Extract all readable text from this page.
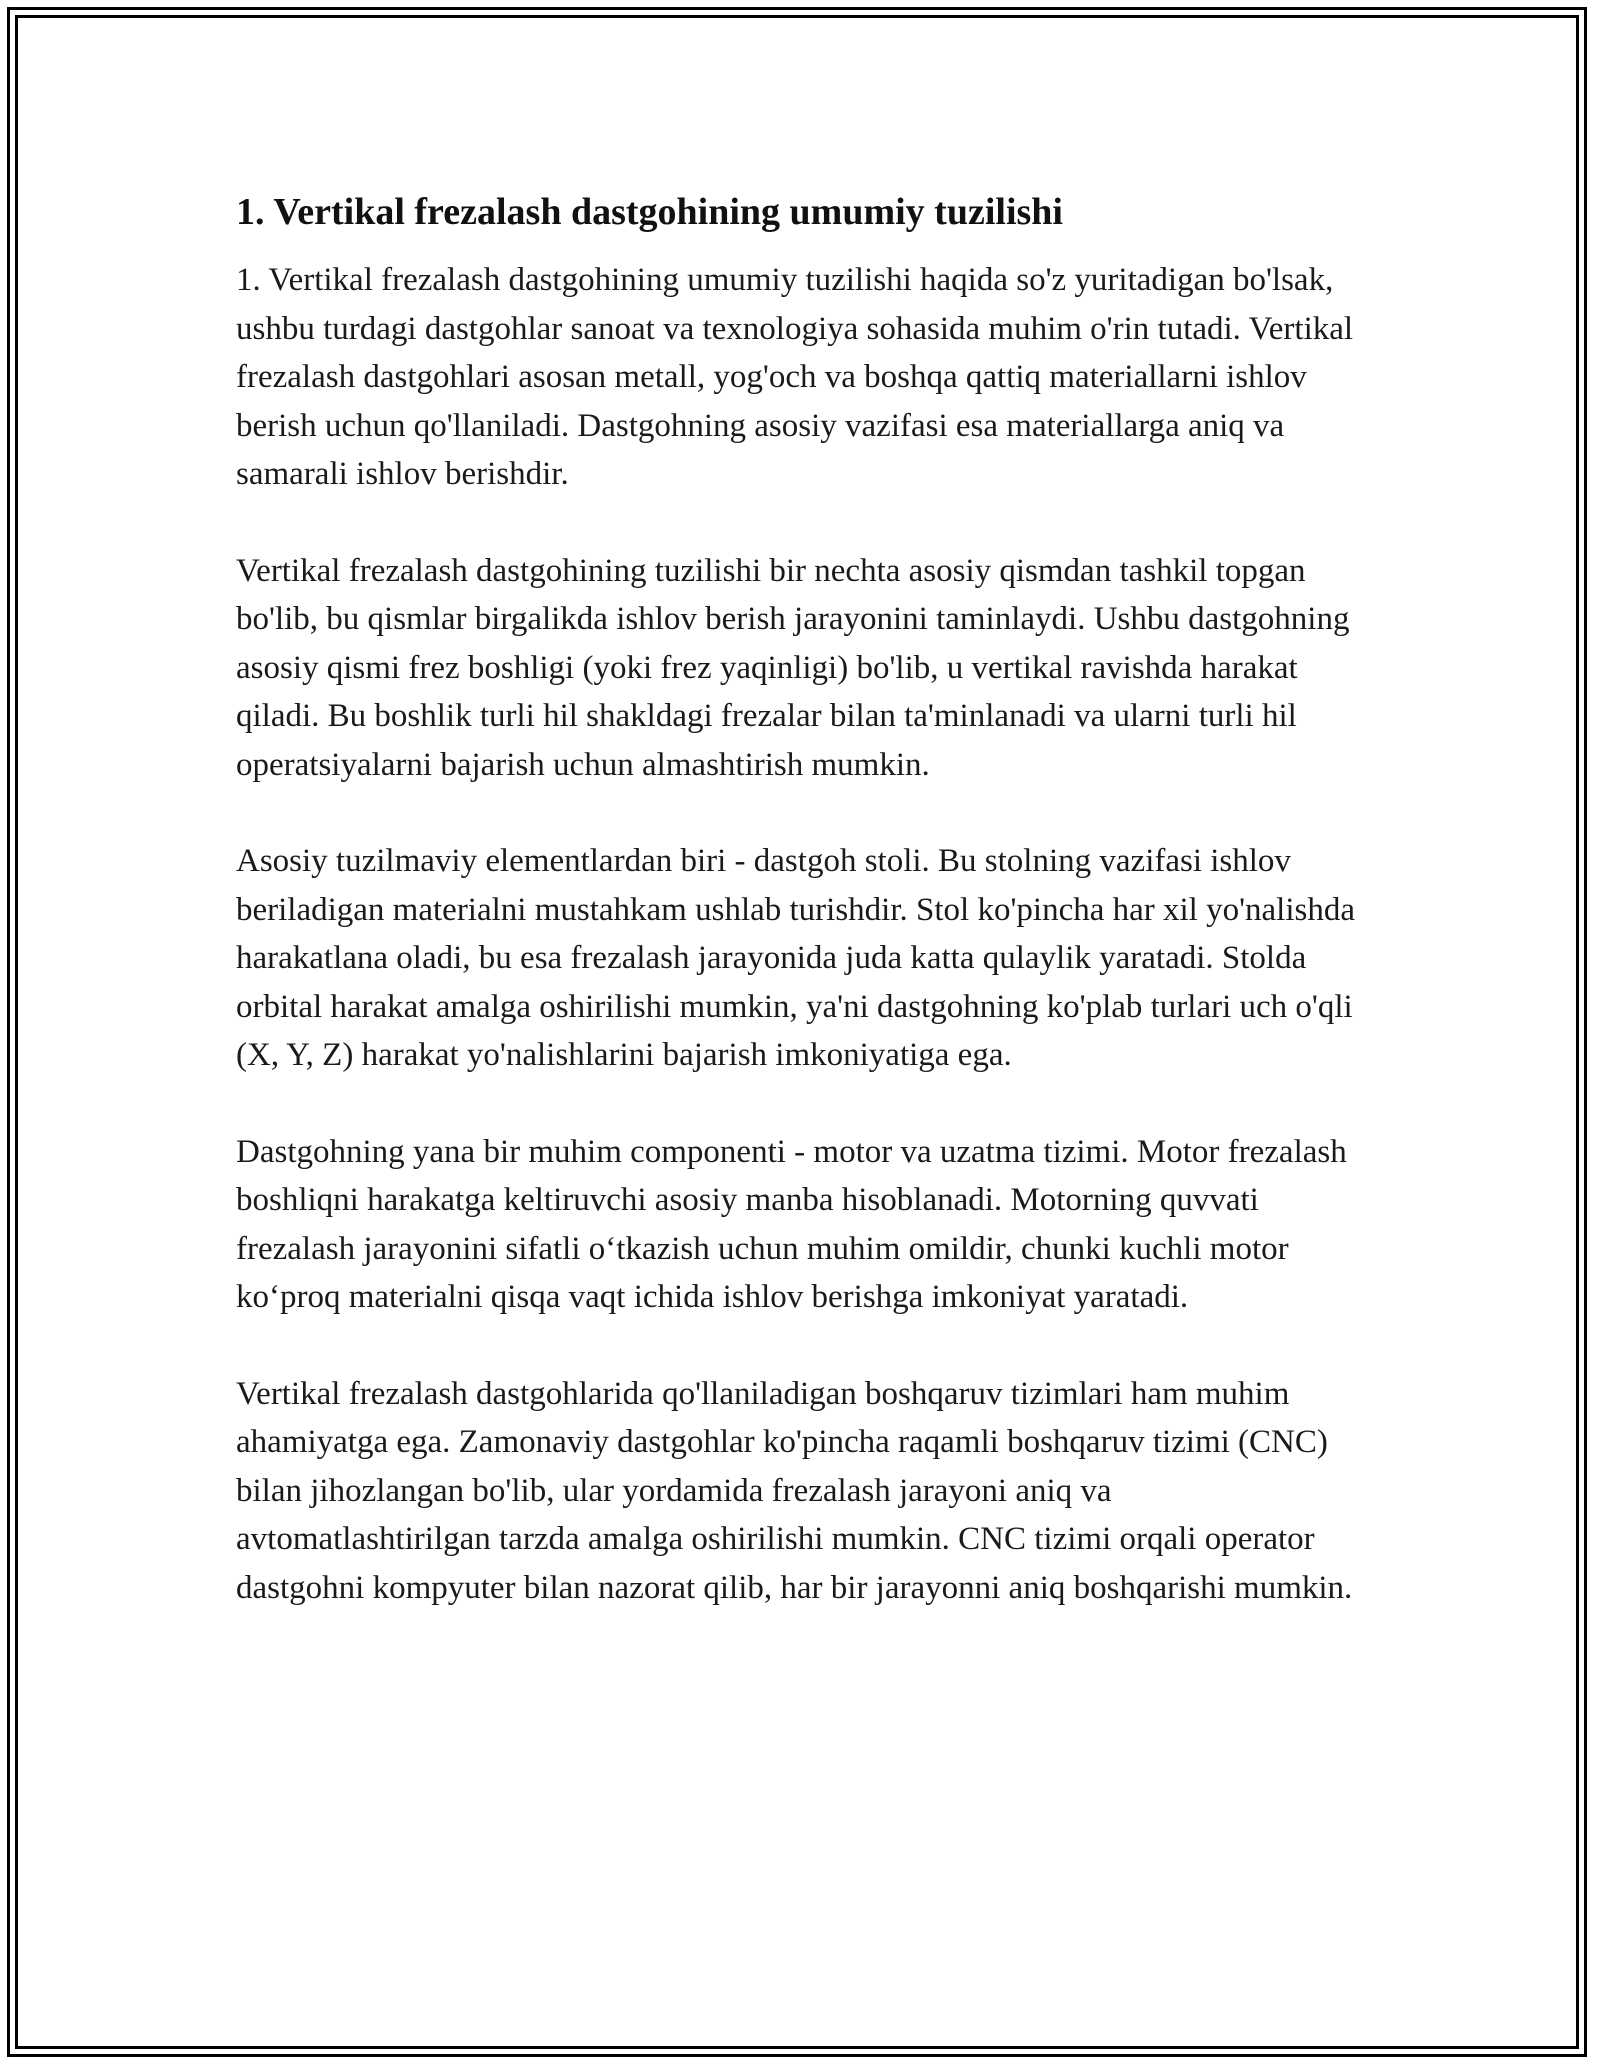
1. Vertikal frezalash dastgohining umumiy tuzilishi

1. Vertikal frezalash dastgohining umumiy tuzilishi haqida so'z yuritadigan bo'lsak, ushbu turdagi dastgohlar sanoat va texnologiya sohasida muhim o'rin tutadi. Vertikal frezalash dastgohlari asosan metall, yog'och va boshqa qattiq materiallarni ishlov berish uchun qo'llaniladi. Dastgohning asosiy vazifasi esa materiallarga aniq va samarali ishlov berishdir.

Vertikal frezalash dastgohining tuzilishi bir nechta asosiy qismdan tashkil topgan bo'lib, bu qismlar birgalikda ishlov berish jarayonini taminlaydi. Ushbu dastgohning asosiy qismi frez boshligi (yoki frez yaqinligi) bo'lib, u vertikal ravishda harakat qiladi. Bu boshlik turli hil shakldagi frezalar bilan ta'minlanadi va ularni turli hil operatsiyalarni bajarish uchun almashtirish mumkin.

Asosiy tuzilmaviy elementlardan biri - dastgoh stoli. Bu stolning vazifasi ishlov beriladigan materialni mustahkam ushlab turishdir. Stol ko'pincha har xil yo'nalishda harakatlana oladi, bu esa frezalash jarayonida juda katta qulaylik yaratadi. Stolda orbital harakat amalga oshirilishi mumkin, ya'ni dastgohning ko'plab turlari uch o'qli (X, Y, Z) harakat yo'nalishlarini bajarish imkoniyatiga ega.

Dastgohning yana bir muhim componenti - motor va uzatma tizimi. Motor frezalash boshliqni harakatga keltiruvchi asosiy manba hisoblanadi. Motorning quvvati frezalash jarayonini sifatli o‘tkazish uchun muhim omildir, chunki kuchli motor ko‘proq materialni qisqa vaqt ichida ishlov berishga imkoniyat yaratadi.

Vertikal frezalash dastgohlarida qo'llaniladigan boshqaruv tizimlari ham muhim ahamiyatga ega. Zamonaviy dastgohlar ko'pincha raqamli boshqaruv tizimi (CNC) bilan jihozlangan bo'lib, ular yordamida frezalash jarayoni aniq va avtomatlashtirilgan tarzda amalga oshirilishi mumkin. CNC tizimi orqali operator dastgohni kompyuter bilan nazorat qilib, har bir jarayonni aniq boshqarishi mumkin.
